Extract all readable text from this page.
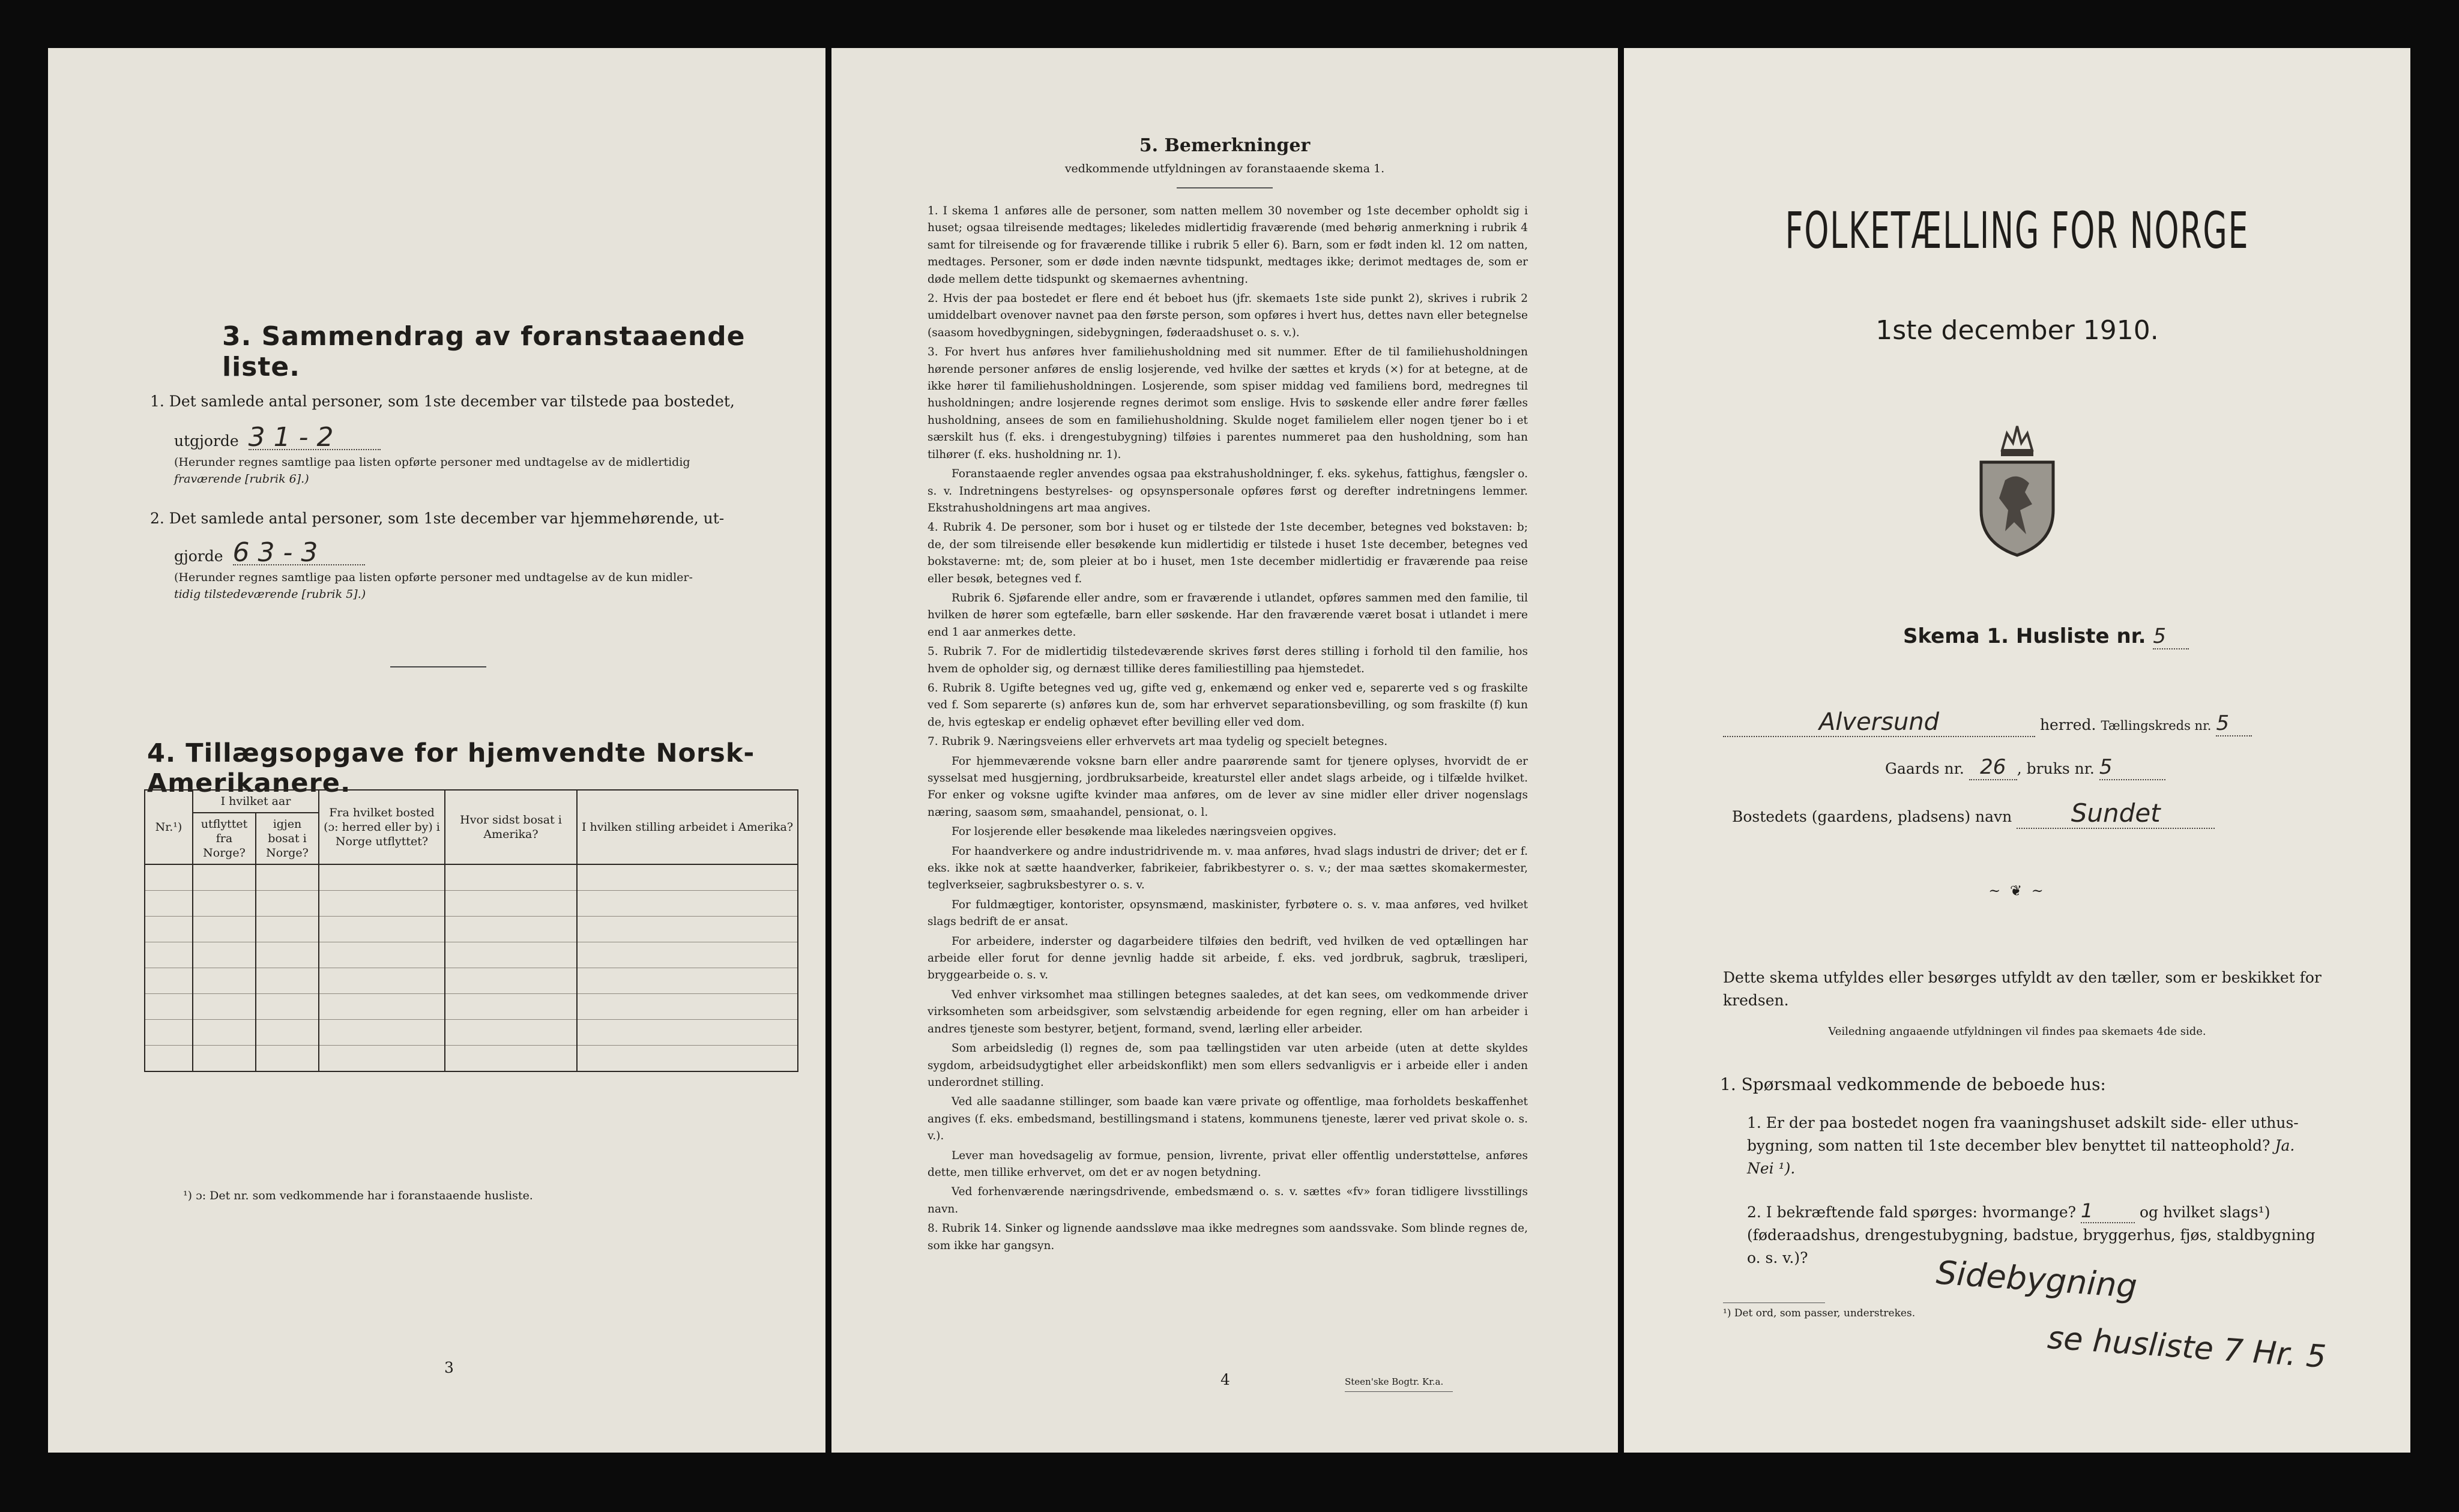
3. Sammendrag av foranstaaende liste.
1. Det samlede antal personer, som 1ste december var tilstede paa bostedet,
utgjorde 3 1 - 2
(Herunder regnes samtlige paa listen opførte personer med undtagelse av de midlertidig
fraværende [rubrik 6].)
2. Det samlede antal personer, som 1ste december var hjemmehørende, ut-
gjorde 6 3 - 3
(Herunder regnes samtlige paa listen opførte personer med undtagelse av de kun midler-
tidig tilstedeværende [rubrik 5].)
4. Tillægsopgave for hjemvendte Norsk-Amerikanere.
Nr.¹)	I hvilket aar		Fra hvilket bosted (ɔ: herred eller by) i Norge utflyttet?	Hvor sidst bosat i Amerika?	I hvilken stilling arbeidet i Amerika?
	utflyttet fra Norge?	igjen bosat i Norge?			

¹) ɔ: Det nr. som vedkommende har i foranstaaende husliste.
3
5. Bemerkninger
vedkommende utfyldningen av foranstaaende skema 1.

1. I skema 1 anføres alle de personer, som natten mellem 30 november og 1ste december opholdt sig i huset; ogsaa tilreisende medtages; likeledes midlertidig fraværende (med behørig anmerkning i rubrik 4 samt for tilreisende og for fraværende tillike i rubrik 5 eller 6). Barn, som er født inden kl. 12 om natten, medtages. Personer, som er døde inden nævnte tidspunkt, medtages ikke; derimot medtages de, som er døde mellem dette tidspunkt og skemaernes avhentning.

2. Hvis der paa bostedet er flere end ét beboet hus (jfr. skemaets 1ste side punkt 2), skrives i rubrik 2 umiddelbart ovenover navnet paa den første person, som opføres i hvert hus, dettes navn eller betegnelse (saasom hovedbygningen, sidebygningen, føderaadshuset o. s. v.).

3. For hvert hus anføres hver familiehusholdning med sit nummer. Efter de til familiehusholdningen hørende personer anføres de enslig losjerende, ved hvilke der sættes et kryds (×) for at betegne, at de ikke hører til familiehusholdningen. Losjerende, som spiser middag ved familiens bord, medregnes til husholdningen; andre losjerende regnes derimot som enslige. Hvis to søskende eller andre fører fælles husholdning, ansees de som en familiehusholdning. Skulde noget familielem eller nogen tjener bo i et særskilt hus (f. eks. i drengestubygning) tilføies i parentes nummeret paa den husholdning, som han tilhører (f. eks. husholdning nr. 1).

Foranstaaende regler anvendes ogsaa paa ekstrahusholdninger, f. eks. sykehus, fattighus, fængsler o. s. v. Indretningens bestyrelses- og opsynspersonale opføres først og derefter indretningens lemmer. Ekstrahusholdningens art maa angives.

4. Rubrik 4. De personer, som bor i huset og er tilstede der 1ste december, betegnes ved bokstaven: b; de, der som tilreisende eller besøkende kun midlertidig er tilstede i huset 1ste december, betegnes ved bokstaverne: mt; de, som pleier at bo i huset, men 1ste december midlertidig er fraværende paa reise eller besøk, betegnes ved f.

Rubrik 6. Sjøfarende eller andre, som er fraværende i utlandet, opføres sammen med den familie, til hvilken de hører som egtefælle, barn eller søskende. Har den fraværende været bosat i utlandet i mere end 1 aar anmerkes dette.

5. Rubrik 7. For de midlertidig tilstedeværende skrives først deres stilling i forhold til den familie, hos hvem de opholder sig, og dernæst tillike deres familiestilling paa hjemstedet.

6. Rubrik 8. Ugifte betegnes ved ug, gifte ved g, enkemænd og enker ved e, separerte ved s og fraskilte ved f. Som separerte (s) anføres kun de, som har erhvervet separationsbevilling, og som fraskilte (f) kun de, hvis egteskap er endelig ophævet efter bevilling eller ved dom.

7. Rubrik 9. Næringsveiens eller erhvervets art maa tydelig og specielt betegnes.

For hjemmeværende voksne barn eller andre paarørende samt for tjenere oplyses, hvorvidt de er sysselsat med husgjerning, jordbruksarbeide, kreaturstel eller andet slags arbeide, og i tilfælde hvilket. For enker og voksne ugifte kvinder maa anføres, om de lever av sine midler eller driver nogenslags næring, saasom søm, smaahandel, pensionat, o. l.

For losjerende eller besøkende maa likeledes næringsveien opgives.

For haandverkere og andre industridrivende m. v. maa anføres, hvad slags industri de driver; det er f. eks. ikke nok at sætte haandverker, fabrikeier, fabrikbestyrer o. s. v.; der maa sættes skomakermester, teglverkseier, sagbruksbestyrer o. s. v.

For fuldmægtiger, kontorister, opsynsmænd, maskinister, fyrbøtere o. s. v. maa anføres, ved hvilket slags bedrift de er ansat.

For arbeidere, inderster og dagarbeidere tilføies den bedrift, ved hvilken de ved optællingen har arbeide eller forut for denne jevnlig hadde sit arbeide, f. eks. ved jordbruk, sagbruk, træsliperi, bryggearbeide o. s. v.

Ved enhver virksomhet maa stillingen betegnes saaledes, at det kan sees, om vedkommende driver virksomheten som arbeidsgiver, som selvstændig arbeidende for egen regning, eller om han arbeider i andres tjeneste som bestyrer, betjent, formand, svend, lærling eller arbeider.

Som arbeidsledig (l) regnes de, som paa tællingstiden var uten arbeide (uten at dette skyldes sygdom, arbeidsudygtighet eller arbeidskonflikt) men som ellers sedvanligvis er i arbeide eller i anden underordnet stilling.

Ved alle saadanne stillinger, som baade kan være private og offentlige, maa forholdets beskaffenhet angives (f. eks. embedsmand, bestillingsmand i statens, kommunens tjeneste, lærer ved privat skole o. s. v.).

Lever man hovedsagelig av formue, pension, livrente, privat eller offentlig understøttelse, anføres dette, men tillike erhvervet, om det er av nogen betydning.

Ved forhenværende næringsdrivende, embedsmænd o. s. v. sættes «fv» foran tidligere livsstillings navn.

8. Rubrik 14. Sinker og lignende aandssløve maa ikke medregnes som aandssvake. Som blinde regnes de, som ikke har gangsyn.

4	Steen'ske Bogtr. Kr.a.
FOLKETÆLLING FOR NORGE
1ste december 1910.
Skema 1. Husliste nr. 5
Alversund	herred. Tællingskreds nr. 5
Gaards nr. 26 , bruks nr. 5
Bostedets (gaardens, pladsens) navn Sundet
~ ❦ ~
Dette skema utfyldes eller besørges utfyldt av den tæller, som er beskikket for kredsen.
Veiledning angaaende utfyldningen vil findes paa skemaets 4de side.
1. Spørsmaal vedkommende de beboede hus:
1. Er der paa bostedet nogen fra vaaningshuset adskilt side- eller uthus-bygning, som natten til 1ste december blev benyttet til natteophold? Ja. Nei ¹).
2. I bekræftende fald spørges: hvormange? 1	og hvilket slags¹) (føderaadshus, drengestubygning, badstue, bryggerhus, fjøs, staldbygning o. s. v.)?	Sidebygning
¹) Det ord, som passer, understrekes.
se husliste 7 Hr. 5
